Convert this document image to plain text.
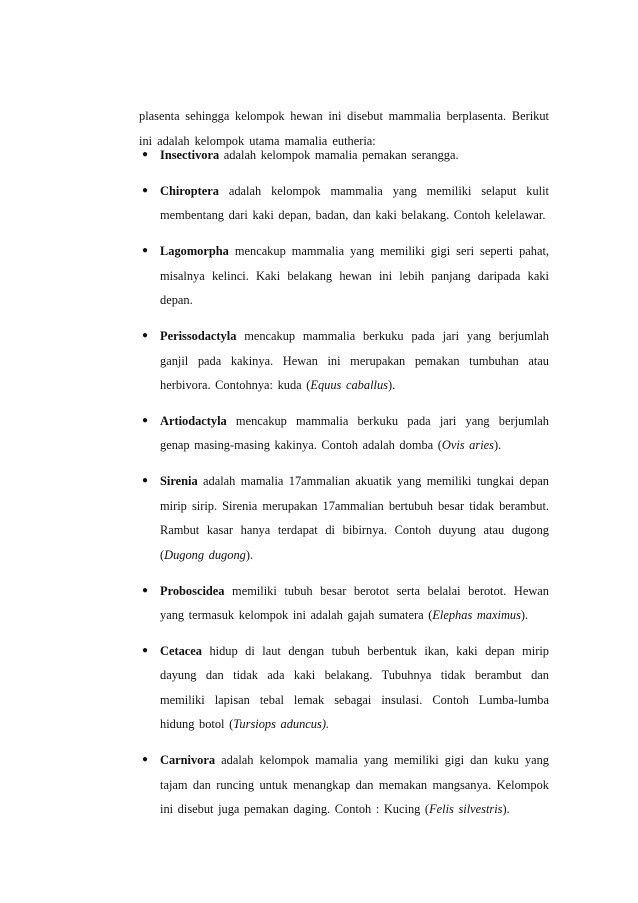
plasenta sehingga kelompok hewan ini disebut mammalia berplasenta. Berikut ini adalah kelompok utama mamalia eutheria:

● Insectivora adalah kelompok mamalia pemakan serangga.
● Chiroptera adalah kelompok mammalia yang memiliki selaput kulit membentang dari kaki depan, badan, dan kaki belakang. Contoh kelelawar.
● Lagomorpha mencakup mammalia yang memiliki gigi seri seperti pahat, misalnya kelinci. Kaki belakang hewan ini lebih panjang daripada kaki depan.
● Perissodactyla mencakup mammalia berkuku pada jari yang berjumlah ganjil pada kakinya. Hewan ini merupakan pemakan tumbuhan atau herbivora. Contohnya: kuda (Equus caballus).
● Artiodactyla mencakup mammalia berkuku pada jari yang berjumlah genap masing-masing kakinya. Contoh adalah domba (Ovis aries).
● Sirenia adalah mamalia 17ammalian akuatik yang memiliki tungkai depan mirip sirip. Sirenia merupakan 17ammalian bertubuh besar tidak berambut. Rambut kasar hanya terdapat di bibirnya. Contoh duyung atau dugong (Dugong dugong).
● Proboscidea memiliki tubuh besar berotot serta belalai berotot. Hewan yang termasuk kelompok ini adalah gajah sumatera (Elephas maximus).
● Cetacea hidup di laut dengan tubuh berbentuk ikan, kaki depan mirip dayung dan tidak ada kaki belakang. Tubuhnya tidak berambut dan memiliki lapisan tebal lemak sebagai insulasi. Contoh Lumba-lumba hidung botol (Tursiops aduncus).
● Carnivora adalah kelompok mamalia yang memiliki gigi dan kuku yang tajam dan runcing untuk menangkap dan memakan mangsanya. Kelompok ini disebut juga pemakan daging. Contoh : Kucing (Felis silvestris).
